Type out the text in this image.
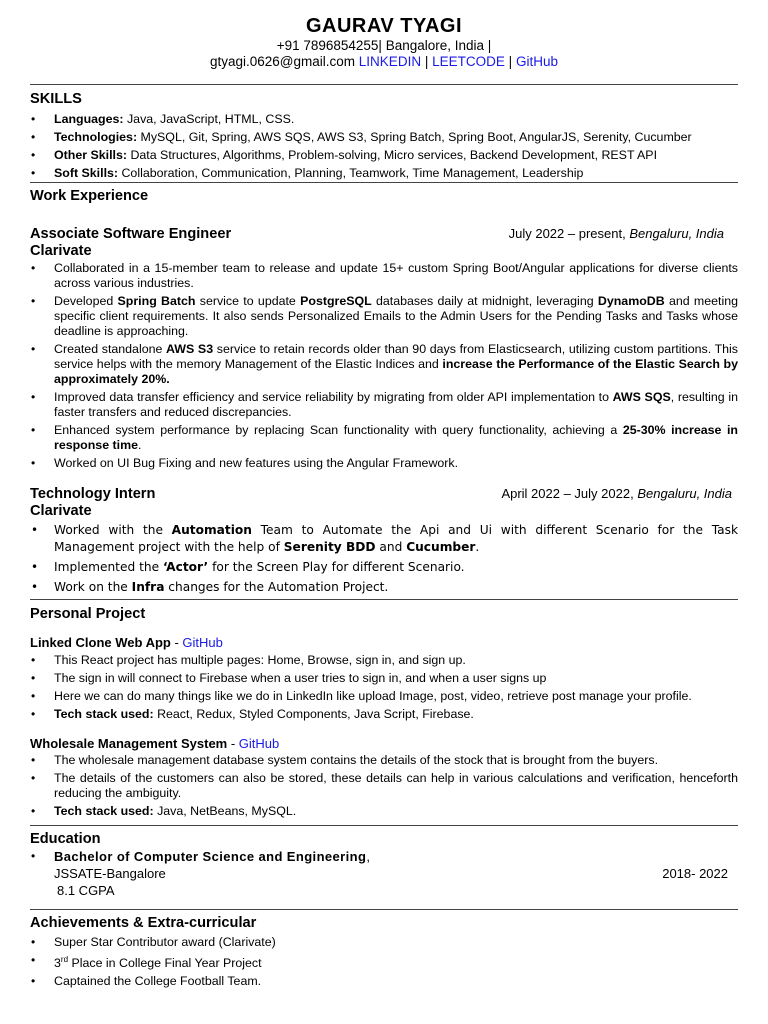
GAURAV TYAGI
+91 7896854255| Bangalore, India |
gtyagi.0626@gmail.com LINKEDIN | LEETCODE | GitHub
SKILLS
• Languages: Java, JavaScript, HTML, CSS.
• Technologies: MySQL, Git, Spring, AWS SQS, AWS S3, Spring Batch, Spring Boot, AngularJS, Serenity, Cucumber
• Other Skills: Data Structures, Algorithms, Problem-solving, Micro services, Backend Development, REST API
• Soft Skills: Collaboration, Communication, Planning, Teamwork, Time Management, Leadership
Work Experience
Associate Software Engineer	July 2022 – present, Bengaluru, India
Clarivate
• Collaborated in a 15-member team to release and update 15+ custom Spring Boot/Angular applications for diverse clients across various industries.
• Developed Spring Batch service to update PostgreSQL databases daily at midnight, leveraging DynamoDB and meeting specific client requirements. It also sends Personalized Emails to the Admin Users for the Pending Tasks and Tasks whose deadline is approaching.
• Created standalone AWS S3 service to retain records older than 90 days from Elasticsearch, utilizing custom partitions. This service helps with the memory Management of the Elastic Indices and increase the Performance of the Elastic Search by approximately 20%.
• Improved data transfer efficiency and service reliability by migrating from older API implementation to AWS SQS, resulting in faster transfers and reduced discrepancies.
• Enhanced system performance by replacing Scan functionality with query functionality, achieving a 25-30% increase in response time.
• Worked on UI Bug Fixing and new features using the Angular Framework.
Technology Intern	April 2022 – July 2022, Bengaluru, India
Clarivate
• Worked with the Automation Team to Automate the Api and Ui with different Scenario for the Task Management project with the help of Serenity BDD and Cucumber.
• Implemented the ‘Actor’ for the Screen Play for different Scenario.
• Work on the Infra changes for the Automation Project.
Personal Project
Linked Clone Web App - GitHub
• This React project has multiple pages: Home, Browse, sign in, and sign up.
• The sign in will connect to Firebase when a user tries to sign in, and when a user signs up
• Here we can do many things like we do in LinkedIn like upload Image, post, video, retrieve post manage your profile.
• Tech stack used: React, Redux, Styled Components, Java Script, Firebase.
Wholesale Management System - GitHub
• The wholesale management database system contains the details of the stock that is brought from the buyers.
• The details of the customers can also be stored, these details can help in various calculations and verification, henceforth reducing the ambiguity.
• Tech stack used: Java, NetBeans, MySQL.
Education
• Bachelor of Computer Science and Engineering,
JSSATE-Bangalore	2018- 2022
8.1 CGPA
Achievements & Extra-curricular
• Super Star Contributor award (Clarivate)
• 3rd Place in College Final Year Project
• Captained the College Football Team.
